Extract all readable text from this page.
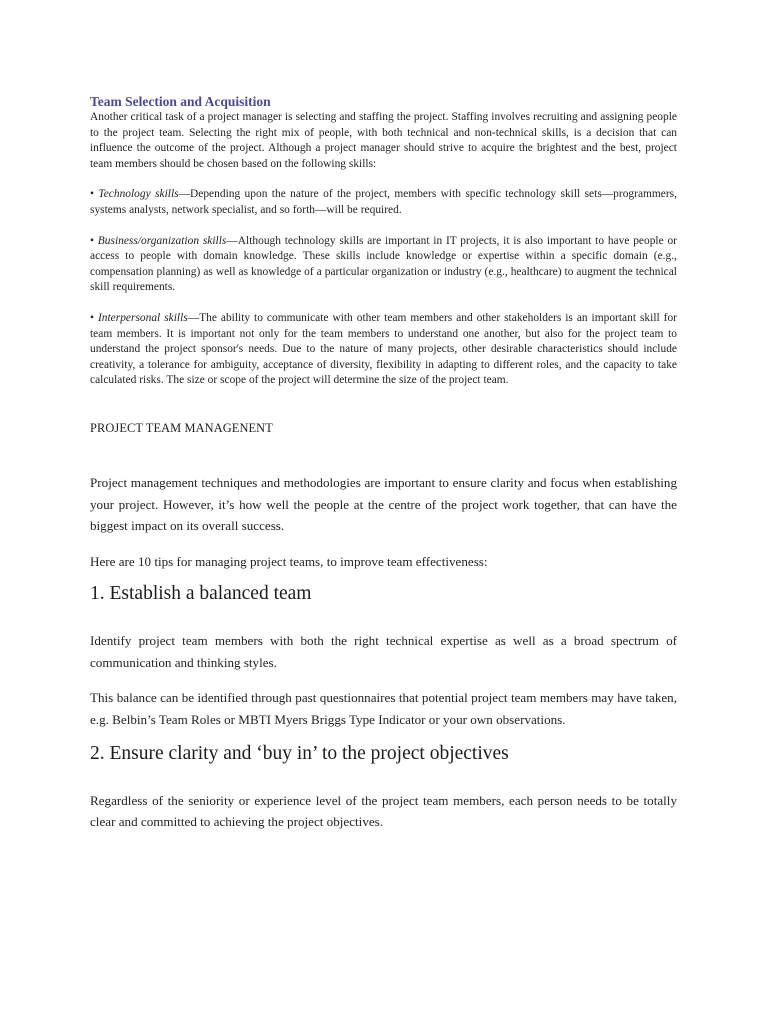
Team Selection and Acquisition

Another critical task of a project manager is selecting and staffing the project. Staffing involves recruiting and assigning people to the project team. Selecting the right mix of people, with both technical and non-technical skills, is a decision that can influence the outcome of the project. Although a project manager should strive to acquire the brightest and the best, project team members should be chosen based on the following skills:

• Technology skills—Depending upon the nature of the project, members with specific technology skill sets—programmers, systems analysts, network specialist, and so forth—will be required.

• Business/organization skills—Although technology skills are important in IT projects, it is also important to have people or access to people with domain knowledge. These skills include knowledge or expertise within a specific domain (e.g., compensation planning) as well as knowledge of a particular organization or industry (e.g., healthcare) to augment the technical skill requirements.

• Interpersonal skills—The ability to communicate with other team members and other stakeholders is an important skill for team members. It is important not only for the team members to understand one another, but also for the project team to understand the project sponsor's needs. Due to the nature of many projects, other desirable characteristics should include creativity, a tolerance for ambiguity, acceptance of diversity, flexibility in adapting to different roles, and the capacity to take calculated risks. The size or scope of the project will determine the size of the project team.

PROJECT TEAM MANAGENENT

Project management techniques and methodologies are important to ensure clarity and focus when establishing your project. However, it’s how well the people at the centre of the project work together, that can have the biggest impact on its overall success.

Here are 10 tips for managing project teams, to improve team effectiveness:

1. Establish a balanced team

Identify project team members with both the right technical expertise as well as a broad spectrum of communication and thinking styles.

This balance can be identified through past questionnaires that potential project team members may have taken, e.g. Belbin’s Team Roles or MBTI Myers Briggs Type Indicator or your own observations.

2. Ensure clarity and ‘buy in’ to the project objectives

Regardless of the seniority or experience level of the project team members, each person needs to be totally clear and committed to achieving the project objectives.
